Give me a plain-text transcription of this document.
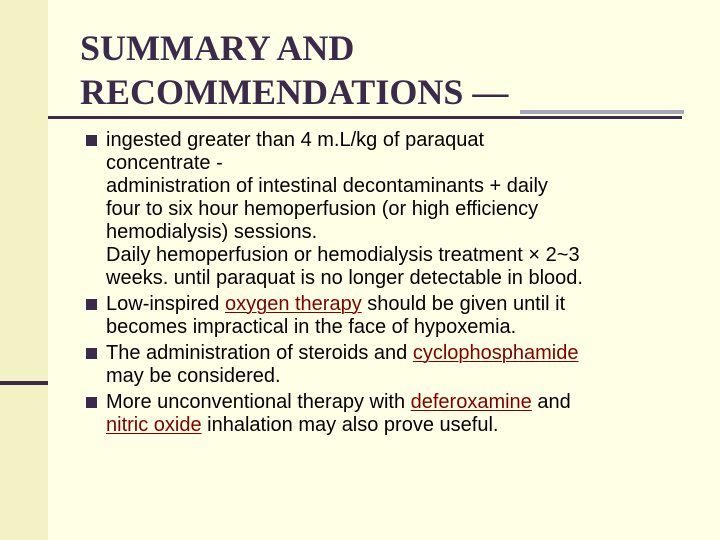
SUMMARY AND
RECOMMENDATIONS —
ingested greater than 4 m.L/kg of paraquat
concentrate -
administration of intestinal decontaminants + daily
four to six hour hemoperfusion (or high efficiency
hemodialysis) sessions.
Daily hemoperfusion or hemodialysis treatment × 2~3
weeks. until paraquat is no longer detectable in blood.
Low-inspired oxygen therapy should be given until it
becomes impractical in the face of hypoxemia.
The administration of steroids and cyclophosphamide
may be considered.
More unconventional therapy with deferoxamine and
nitric oxide inhalation may also prove useful.
